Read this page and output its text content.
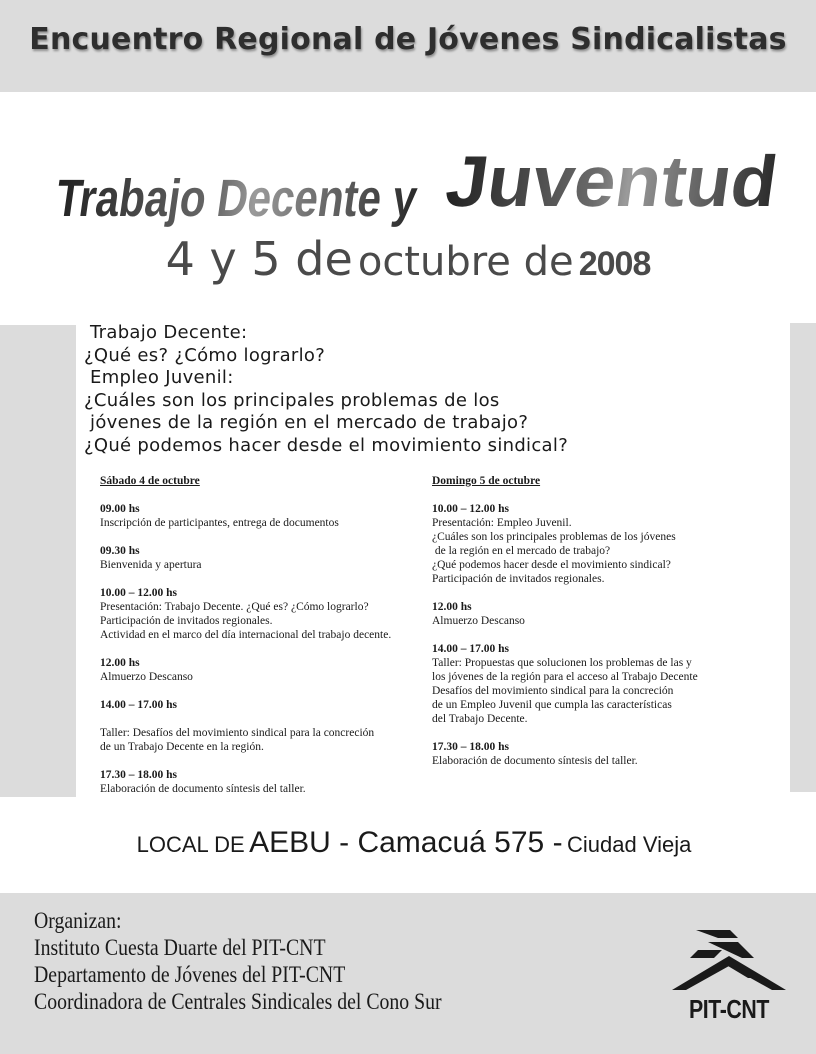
Encuentro Regional de Jóvenes Sindicalistas
Trabajo Decente y
Juventud
4 y 5 de octubre de 2008
Trabajo Decente:
¿Qué es? ¿Cómo lograrlo?
Empleo Juvenil:
¿Cuáles son los principales problemas de los
jóvenes de la región en el mercado de trabajo?
¿Qué podemos hacer desde el movimiento sindical?
Sábado 4 de octubre
09.00 hs
Inscripción de participantes, entrega de documentos
09.30 hs
Bienvenida y apertura
10.00 – 12.00 hs
Presentación: Trabajo Decente. ¿Qué es? ¿Cómo lograrlo?
Participación de invitados regionales.
Actividad en el marco del día internacional del trabajo decente.
12.00 hs
Almuerzo Descanso
14.00 – 17.00 hs
Taller: Desafíos del movimiento sindical para la concreción
de un Trabajo Decente en la región.
17.30 – 18.00 hs
Elaboración de documento síntesis del taller.
Domingo 5 de octubre
10.00 – 12.00 hs
Presentación: Empleo Juvenil.
¿Cuáles son los principales problemas de los jóvenes
de la región en el mercado de trabajo?
¿Qué podemos hacer desde el movimiento sindical?
Participación de invitados regionales.
12.00 hs
Almuerzo Descanso
14.00 – 17.00 hs
Taller: Propuestas que solucionen los problemas de las y
los jóvenes de la región para el acceso al Trabajo Decente
Desafíos del movimiento sindical para la concreción
de un Empleo Juvenil que cumpla las características
del Trabajo Decente.
17.30 – 18.00 hs
Elaboración de documento síntesis del taller.
LOCAL DE AEBU - Camacuá 575 - Ciudad Vieja
Organizan:
Instituto Cuesta Duarte del PIT-CNT
Departamento de Jóvenes del PIT-CNT
Coordinadora de Centrales Sindicales del Cono Sur	PIT-CNT
